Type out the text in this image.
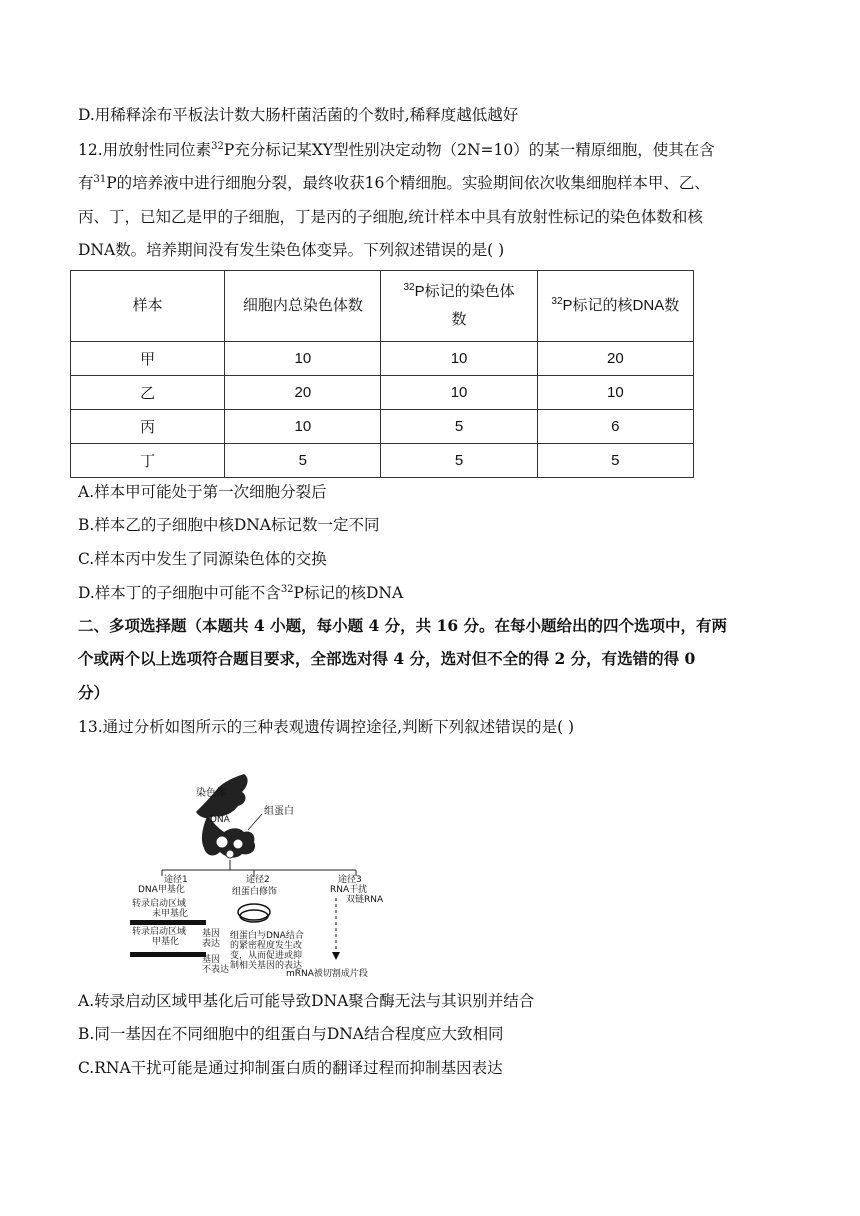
D.用稀释涂布平板法计数大肠杆菌活菌的个数时,稀释度越低越好
12.用放射性同位素$^{32}$P充分标记某XY型性别决定动物（2N=10）的某一精原细胞，使其在含
有$^{31}$P的培养液中进行细胞分裂，最终收获16个精细胞。实验期间依次收集细胞样本甲、乙、
丙、丁，已知乙是甲的子细胞，丁是丙的子细胞,统计样本中具有放射性标记的染色体数和核
DNA数。培养期间没有发生染色体变异。下列叙述错误的是( )
样本	细胞内总染色体数	$^{32}$P标记的染色体
数	$^{32}$P标记的核DNA数
甲	10	10	20
乙	20	10	10
丙	10	5	6
丁	5	5	5
A.样本甲可能处于第一次细胞分裂后
B.样本乙的子细胞中核DNA标记数一定不同
C.样本丙中发生了同源染色体的交换
D.样本丁的子细胞中可能不含$^{32}$P标记的核DNA
二、多项选择题（本题共 4 小题，每小题 4 分，共 16 分。在每小题给出的四个选项中，有两
个或两个以上选项符合题目要求，全部选对得 4 分，选对但不全的得 2 分，有选错的得 0
分）
13.通过分析如图所示的三种表观遗传调控途径,判断下列叙述错误的是( )
染色体
DNA
组蛋白
途径1
DNA甲基化
转录启动区域
未甲基化
基因
表达
转录启动区域
甲基化
基因
不表达
途径2
组蛋白修饰
组蛋白与DNA结合
的紧密程度发生改
变，从而促进或抑
制相关基因的表达
途径3
RNA干扰
双链RNA
mRNA被切割成片段
A.转录启动区域甲基化后可能导致DNA聚合酶无法与其识别并结合
B.同一基因在不同细胞中的组蛋白与DNA结合程度应大致相同
C.RNA干扰可能是通过抑制蛋白质的翻译过程而抑制基因表达
